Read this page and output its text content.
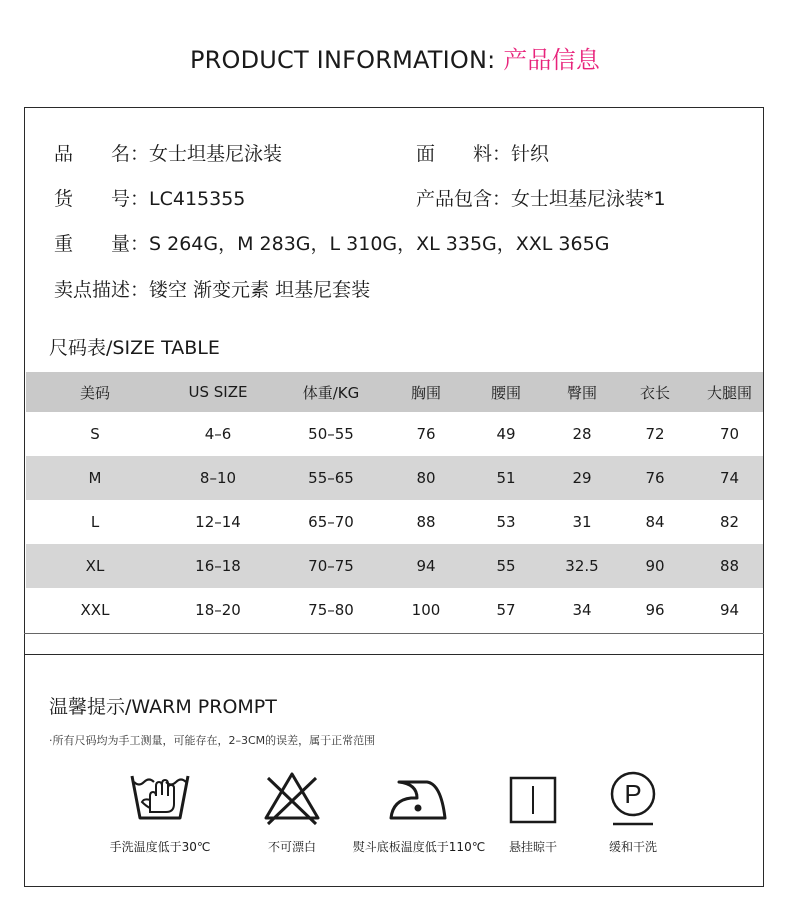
PRODUCT INFORMATION: 产品信息
品　　名：女士坦基尼泳装	面　　料：针织
货　　号：LC415355	产品包含：女士坦基尼泳装*1
重　　量：S 264G，M 283G，L 310G，XL 335G，XXL 365G
卖点描述：镂空 渐变元素 坦基尼套装
尺码表/SIZE TABLE
美码	US SIZE	体重/KG	胸围	腰围	臀围	衣长	大腿围
S	4–6	50–55	76	49	28	72	70
M	8–10	55–65	80	51	29	76	74
L	12–14	65–70	88	53	31	84	82
XL	16–18	70–75	94	55	32.5	90	88
XXL	18–20	75–80	100	57	34	96	94
温馨提示/WARM PROMPT
·所有尺码均为手工测量，可能存在，2–3CM的误差，属于正常范围
手洗温度低于30℃	不可漂白	熨斗底板温度低于110℃	悬挂晾干
P
缓和干洗
